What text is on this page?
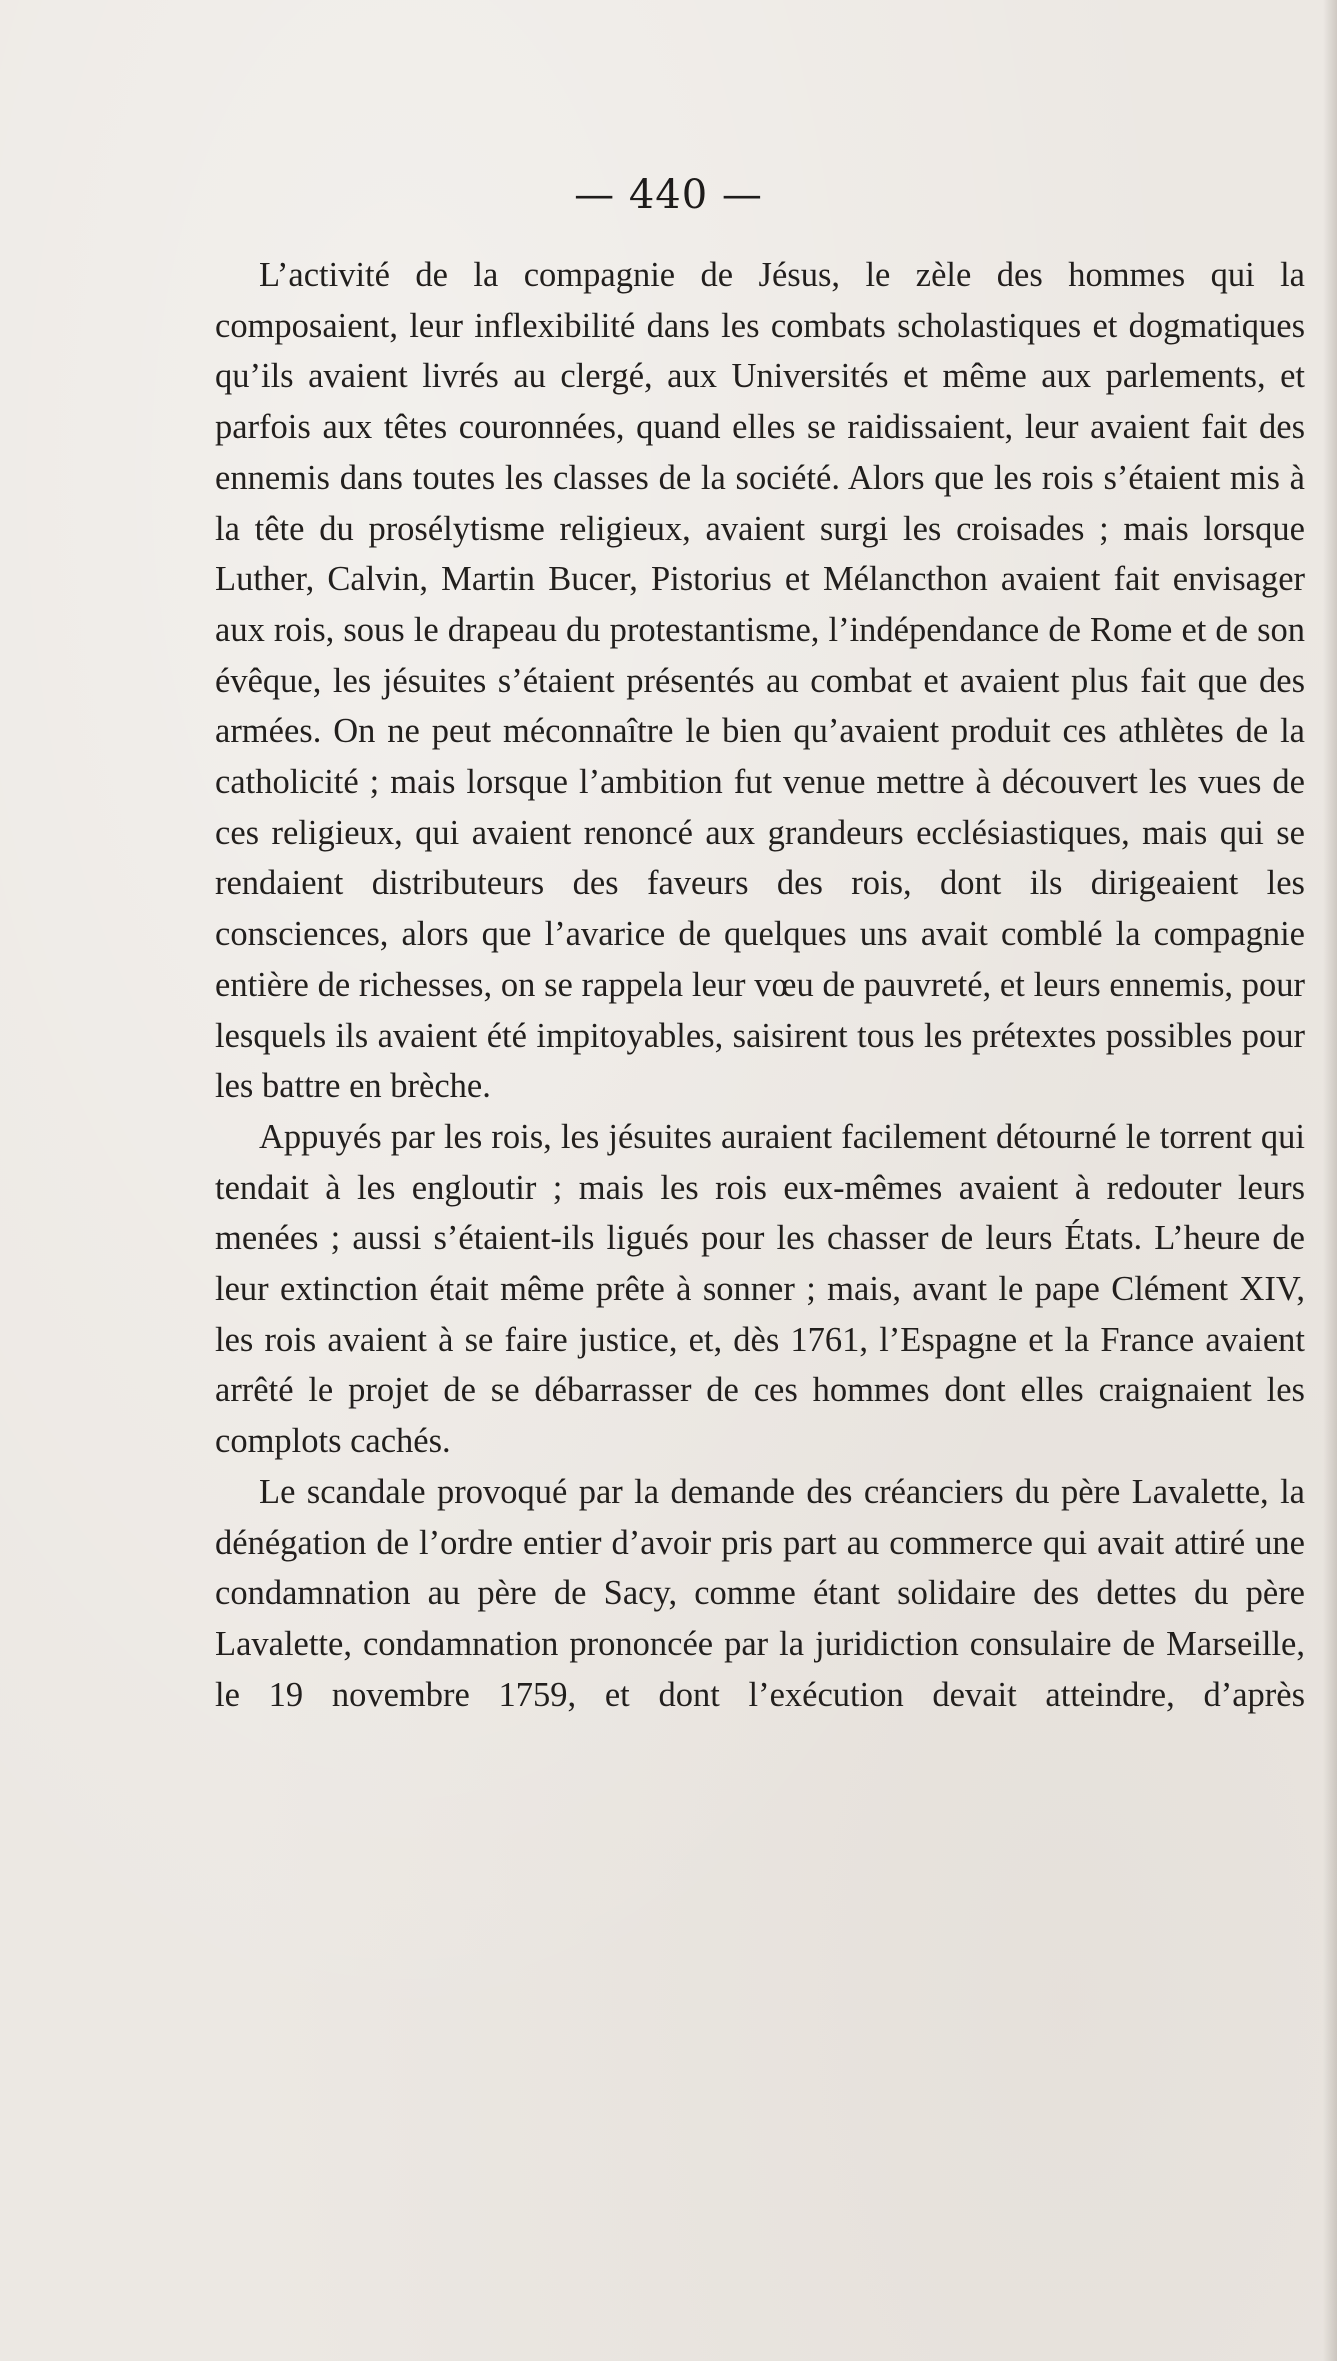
— 440 —

L’activité de la compagnie de Jésus, le zèle des hommes qui la composaient, leur inflexibilité dans les combats scholastiques et dogmatiques qu’ils avaient livrés au clergé, aux Universités et même aux parlements, et parfois aux têtes couronnées, quand elles se raidissaient, leur avaient fait des ennemis dans toutes les classes de la société. Alors que les rois s’étaient mis à la tête du prosélytisme religieux, avaient surgi les croisades ; mais lorsque Luther, Calvin, Martin Bucer, Pistorius et Mélancthon avaient fait envisager aux rois, sous le drapeau du protestantisme, l’indépendance de Rome et de son évêque, les jésuites s’étaient présentés au combat et avaient plus fait que des armées. On ne peut méconnaître le bien qu’avaient produit ces athlètes de la catholicité ; mais lorsque l’ambition fut venue mettre à découvert les vues de ces religieux, qui avaient renoncé aux grandeurs ecclésiastiques, mais qui se rendaient distributeurs des faveurs des rois, dont ils dirigeaient les consciences, alors que l’avarice de quelques uns avait comblé la compagnie entière de richesses, on se rappela leur vœu de pauvreté, et leurs ennemis, pour lesquels ils avaient été impitoyables, saisirent tous les prétextes possibles pour les battre en brèche.

Appuyés par les rois, les jésuites auraient facilement détourné le torrent qui tendait à les engloutir ; mais les rois eux-mêmes avaient à redouter leurs menées ; aussi s’étaient-ils ligués pour les chasser de leurs États. L’heure de leur extinction était même prête à sonner ; mais, avant le pape Clément XIV, les rois avaient à se faire justice, et, dès 1761, l’Espagne et la France avaient arrêté le projet de se débarrasser de ces hommes dont elles craignaient les complots cachés.

Le scandale provoqué par la demande des créanciers du père Lavalette, la dénégation de l’ordre entier d’avoir pris part au commerce qui avait attiré une condamnation au père de Sacy, comme étant solidaire des dettes du père Lavalette, condamnation prononcée par la juridiction consulaire de Marseille, le 19 novembre 1759, et dont l’exécution devait atteindre, d’après
